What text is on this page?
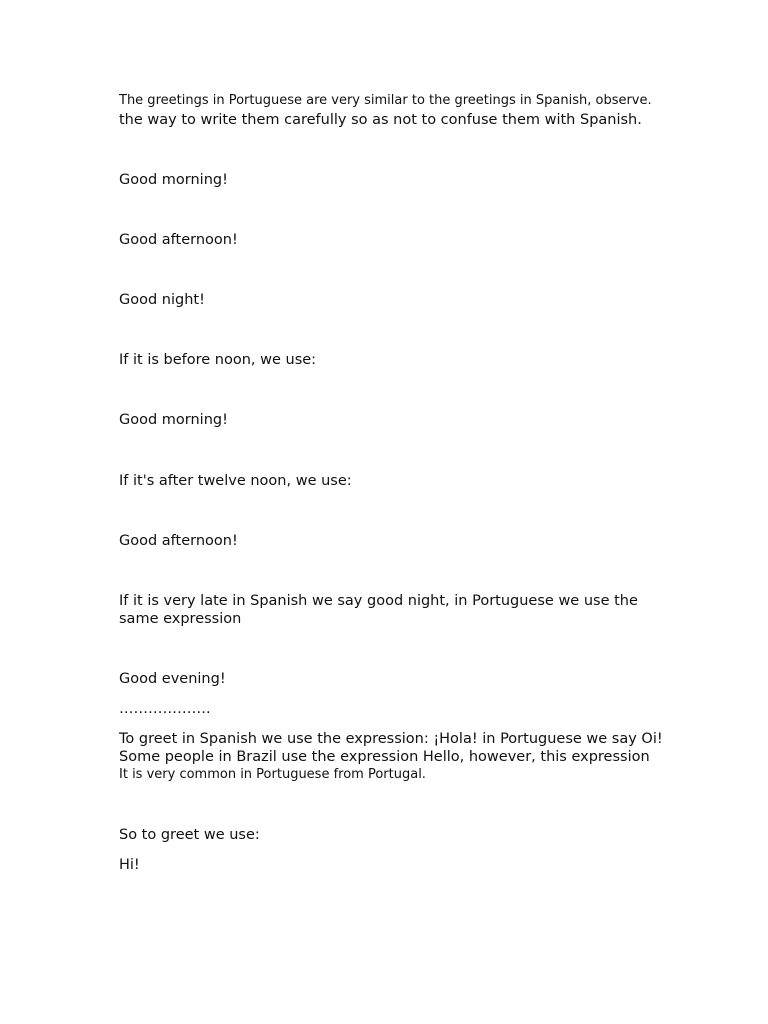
The greetings in Portuguese are very similar to the greetings in Spanish, observe.
the way to write them carefully so as not to confuse them with Spanish.
Good morning!
Good afternoon!
Good night!
If it is before noon, we use:
Good morning!
If it's after twelve noon, we use:
Good afternoon!
If it is very late in Spanish we say good night, in Portuguese we use the
same expression
Good evening!
……………….
To greet in Spanish we use the expression: ¡Hola! in Portuguese we say Oi!
Some people in Brazil use the expression Hello, however, this expression
It is very common in Portuguese from Portugal.
So to greet we use:
Hi!
